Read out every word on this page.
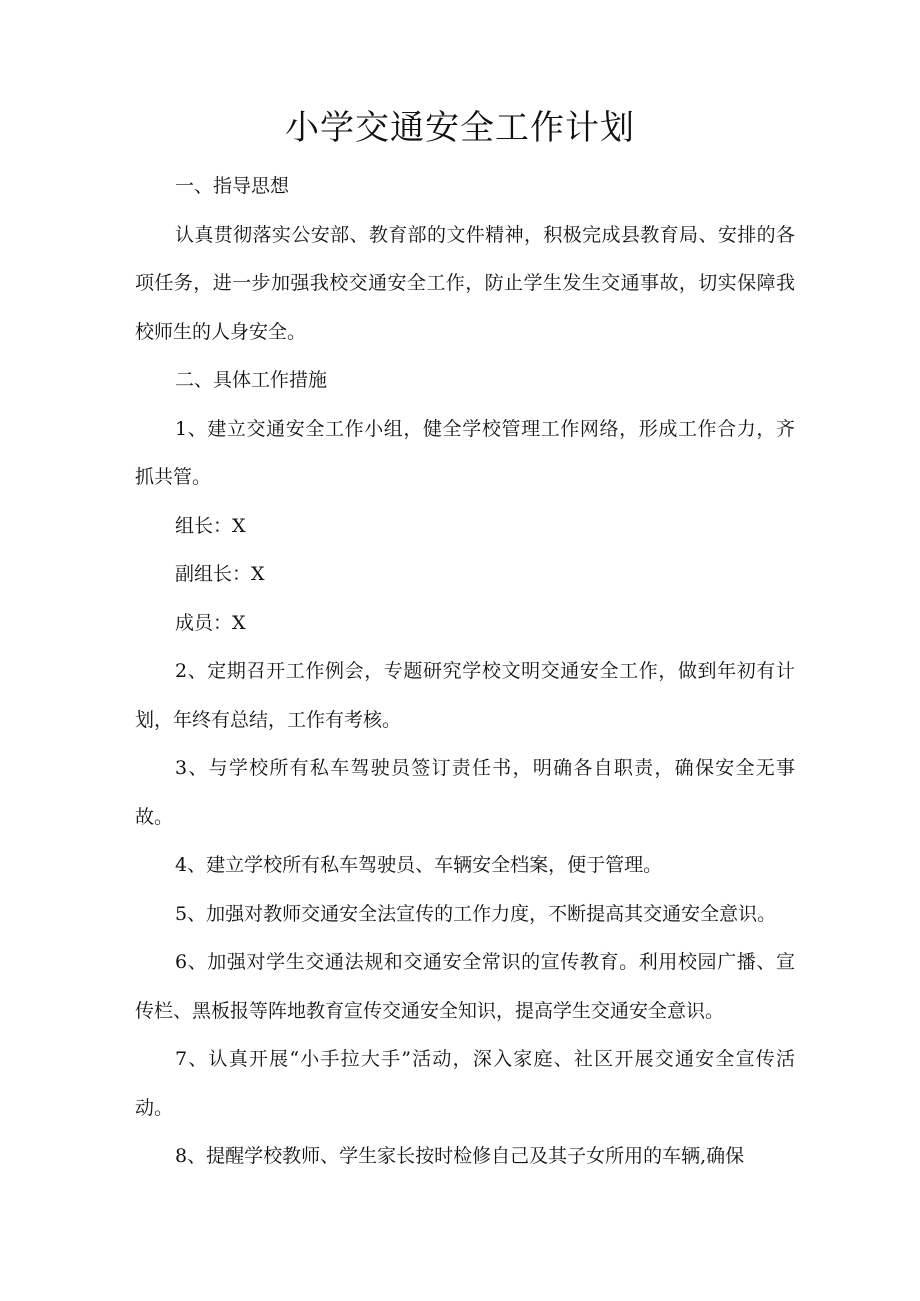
小学交通安全工作计划

一、指导思想

认真贯彻落实公安部、教育部的文件精神，积极完成县教育局、安排的各项任务，进一步加强我校交通安全工作，防止学生发生交通事故，切实保障我校师生的人身安全。

二、具体工作措施

1、建立交通安全工作小组，健全学校管理工作网络，形成工作合力，齐抓共管。

组长：X

副组长：X

成员：X

2、定期召开工作例会，专题研究学校文明交通安全工作，做到年初有计划，年终有总结，工作有考核。

3、与学校所有私车驾驶员签订责任书，明确各自职责，确保安全无事故。

4、建立学校所有私车驾驶员、车辆安全档案，便于管理。

5、加强对教师交通安全法宣传的工作力度，不断提高其交通安全意识。

6、加强对学生交通法规和交通安全常识的宣传教育。利用校园广播、宣传栏、黑板报等阵地教育宣传交通安全知识，提高学生交通安全意识。

7、认真开展“小手拉大手”活动，深入家庭、社区开展交通安全宣传活动。

8、提醒学校教师、学生家长按时检修自己及其子女所用的车辆,确保
